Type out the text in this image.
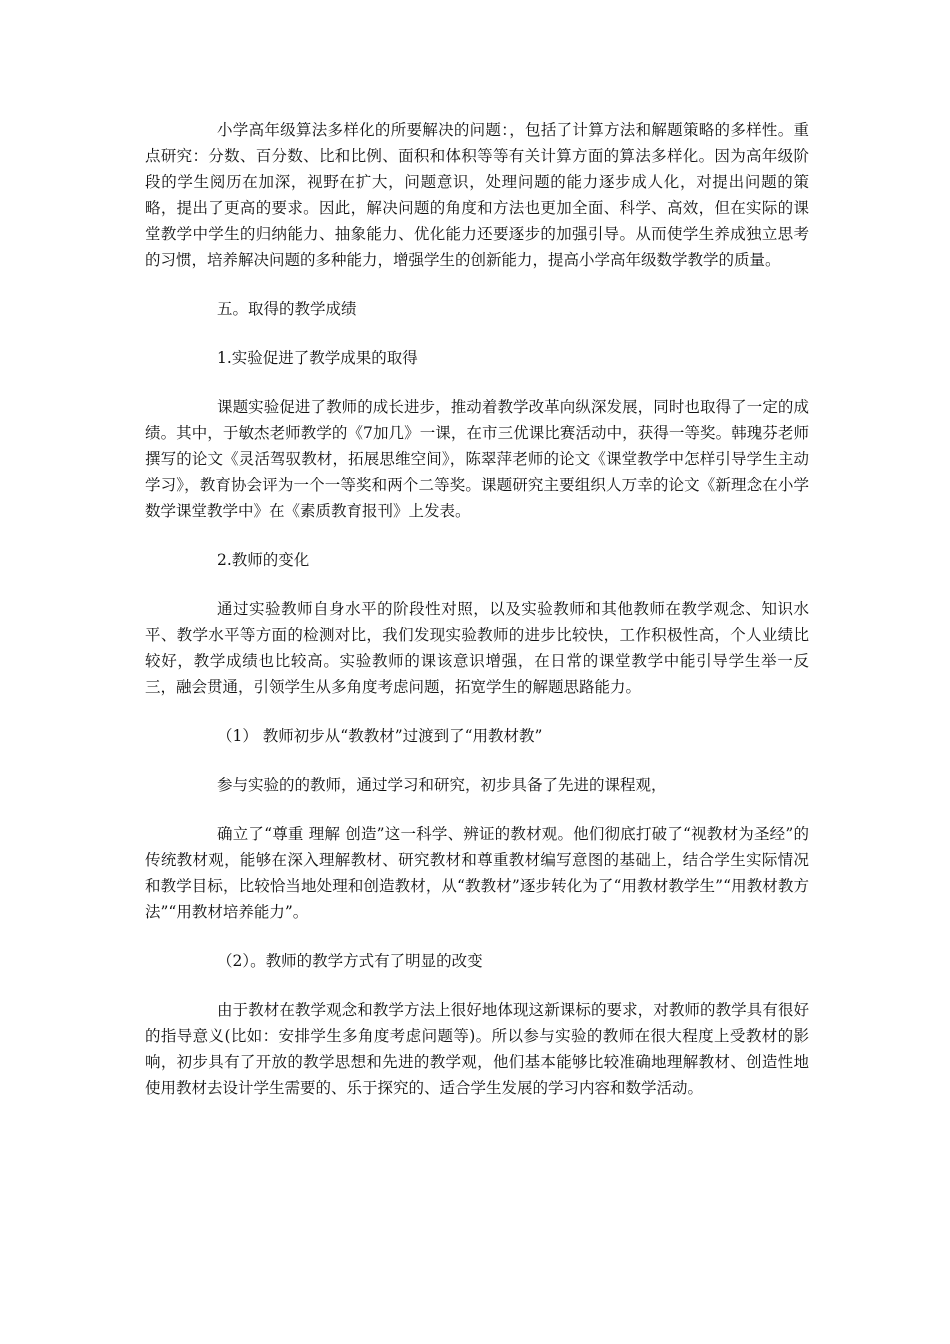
小学高年级算法多样化的所要解决的问题：，包括了计算方法和解题策略的多样性。重点研究：分数、百分数、比和比例、面积和体积等等有关计算方面的算法多样化。因为高年级阶段的学生阅历在加深，视野在扩大，问题意识，处理问题的能力逐步成人化，对提出问题的策略，提出了更高的要求。因此，解决问题的角度和方法也更加全面、科学、高效，但在实际的课堂教学中学生的归纳能力、抽象能力、优化能力还要逐步的加强引导。从而使学生养成独立思考的习惯，培养解决问题的多种能力，增强学生的创新能力，提高小学高年级数学教学的质量。

五。取得的教学成绩

1.实验促进了教学成果的取得

课题实验促进了教师的成长进步，推动着教学改革向纵深发展，同时也取得了一定的成绩。其中，于敏杰老师教学的《7加几》一课，在市三优课比赛活动中，获得一等奖。韩瑰芬老师撰写的论文《灵活驾驭教材，拓展思维空间》，陈翠萍老师的论文《课堂教学中怎样引导学生主动学习》，教育协会评为一个一等奖和两个二等奖。课题研究主要组织人万幸的论文《新理念在小学数学课堂教学中》在《素质教育报刊》上发表。

2.教师的变化

通过实验教师自身水平的阶段性对照，以及实验教师和其他教师在教学观念、知识水平、教学水平等方面的检测对比，我们发现实验教师的进步比较快，工作积极性高，个人业绩比较好，教学成绩也比较高。实验教师的课该意识增强，在日常的课堂教学中能引导学生举一反三，融会贯通，引领学生从多角度考虑问题，拓宽学生的解题思路能力。

（1） 教师初步从“教教材”过渡到了“用教材教”

参与实验的的教师，通过学习和研究，初步具备了先进的课程观，

确立了“尊重 理解 创造”这一科学、辨证的教材观。他们彻底打破了“视教材为圣经”的传统教材观，能够在深入理解教材、研究教材和尊重教材编写意图的基础上，结合学生实际情况和教学目标，比较恰当地处理和创造教材，从“教教材”逐步转化为了“用教材教学生”“用教材教方法”“用教材培养能力”。

（2）。教师的教学方式有了明显的改变

由于教材在教学观念和教学方法上很好地体现这新课标的要求，对教师的教学具有很好的指导意义(比如：安排学生多角度考虑问题等)。所以参与实验的教师在很大程度上受教材的影响，初步具有了开放的教学思想和先进的教学观，他们基本能够比较准确地理解教材、创造性地使用教材去设计学生需要的、乐于探究的、适合学生发展的学习内容和数学活动。
